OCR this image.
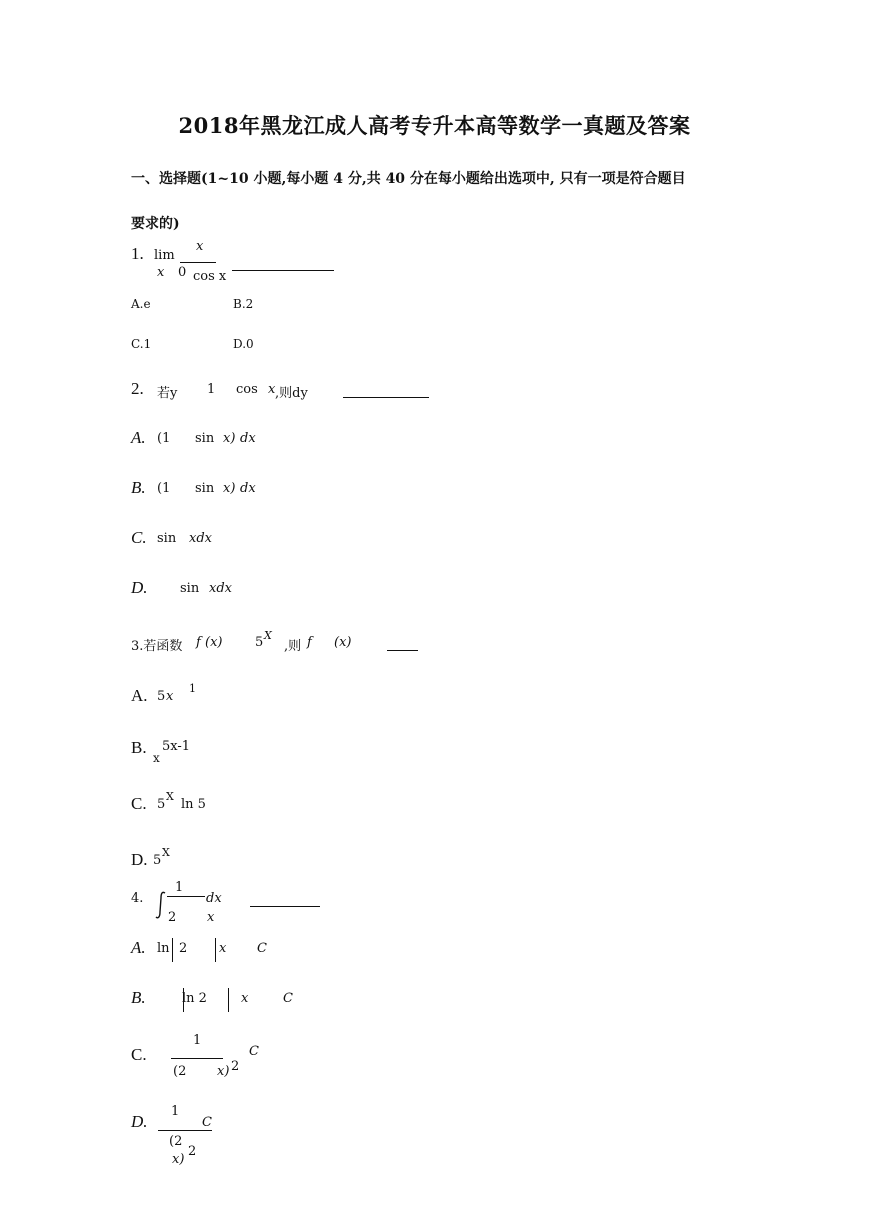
2018年黑龙江成人高考专升本高等数学一真题及答案
一、选择题(1~10 小题,每小题 4 分,共 40 分在每小题给出选项中, 只有一项是符合题目
要求的)
1. lim
x 0
x
cos x
A.e	B.2
C.1	D.0
2. 若y 1 cos x ,则dy
A. (1 sin x) dx
B. (1 sin x) dx
C. sin xdx
D. sin xdx
3.若函数 f (x)	5 X
,则 f (x)
A. 5 x
1
B.
x
5x-1
C. 5
X
ln 5
D. 5
X
4.
1
2 x
dx
A. ln 2 x C
B.	ln 2	x	C
C.
1
(2 x) 2
C
D.
1
C
(2
x)
2
